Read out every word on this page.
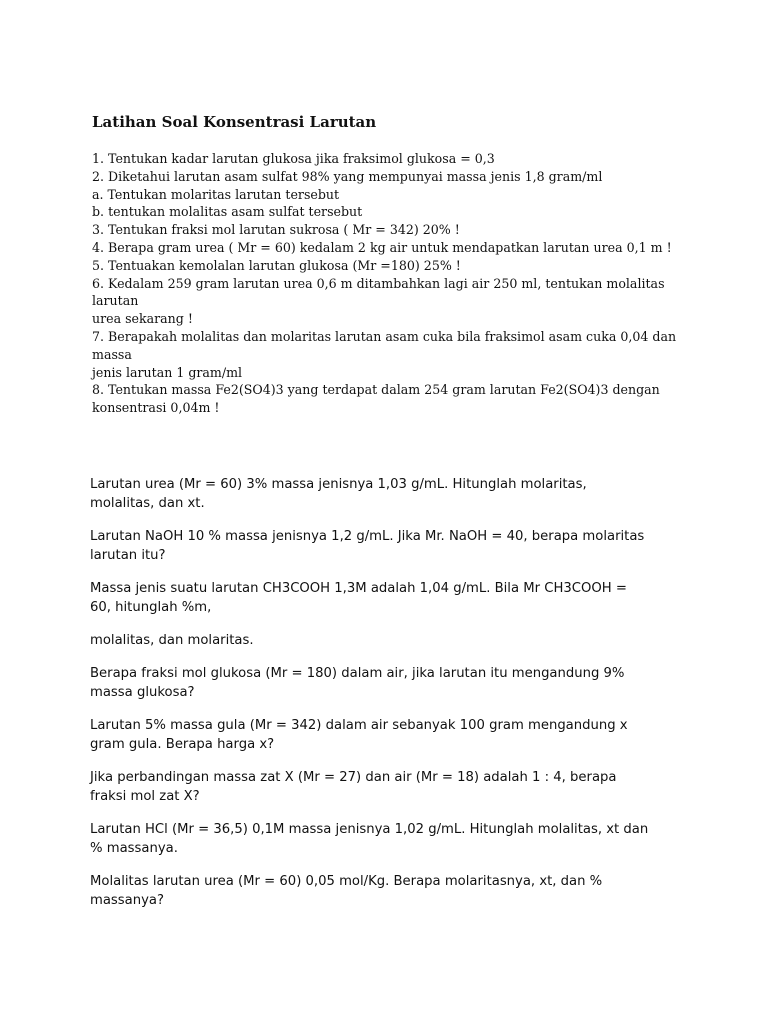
Latihan Soal Konsentrasi Larutan
1. Tentukan kadar larutan glukosa jika fraksimol glukosa = 0,3
2. Diketahui larutan asam sulfat 98% yang mempunyai massa jenis 1,8 gram/ml
a. Tentukan molaritas larutan tersebut
b. tentukan molalitas asam sulfat tersebut
3. Tentukan fraksi mol larutan sukrosa ( Mr = 342) 20% !
4. Berapa gram urea ( Mr = 60) kedalam 2 kg air untuk mendapatkan larutan urea 0,1 m !
5. Tentuakan kemolalan larutan glukosa (Mr =180) 25% !
6. Kedalam 259 gram larutan urea 0,6 m ditambahkan lagi air 250 ml, tentukan molalitas larutan
urea sekarang !
7. Berapakah molalitas dan molaritas larutan asam cuka bila fraksimol asam cuka 0,04 dan massa
jenis larutan 1 gram/ml
8. Tentukan massa Fe2(SO4)3 yang terdapat dalam 254 gram larutan Fe2(SO4)3 dengan
konsentrasi 0,04m !

Larutan urea (Mr = 60) 3% massa jenisnya 1,03 g/mL. Hitunglah molaritas,
molalitas, dan xt.

Larutan NaOH 10 % massa jenisnya 1,2 g/mL. Jika Mr. NaOH = 40, berapa molaritas
larutan itu?

Massa jenis suatu larutan CH3COOH 1,3M adalah 1,04 g/mL. Bila Mr CH3COOH =
60, hitunglah %m,

molalitas, dan molaritas.

Berapa fraksi mol glukosa (Mr = 180) dalam air, jika larutan itu mengandung 9%
massa glukosa?

Larutan 5% massa gula (Mr = 342) dalam air sebanyak 100 gram mengandung x
gram gula. Berapa harga x?

Jika perbandingan massa zat X (Mr = 27) dan air (Mr = 18) adalah 1 : 4, berapa
fraksi mol zat X?

Larutan HCl (Mr = 36,5) 0,1M massa jenisnya 1,02 g/mL. Hitunglah molalitas, xt dan
% massanya.

Molalitas larutan urea (Mr = 60) 0,05 mol/Kg. Berapa molaritasnya, xt, dan %
massanya?
